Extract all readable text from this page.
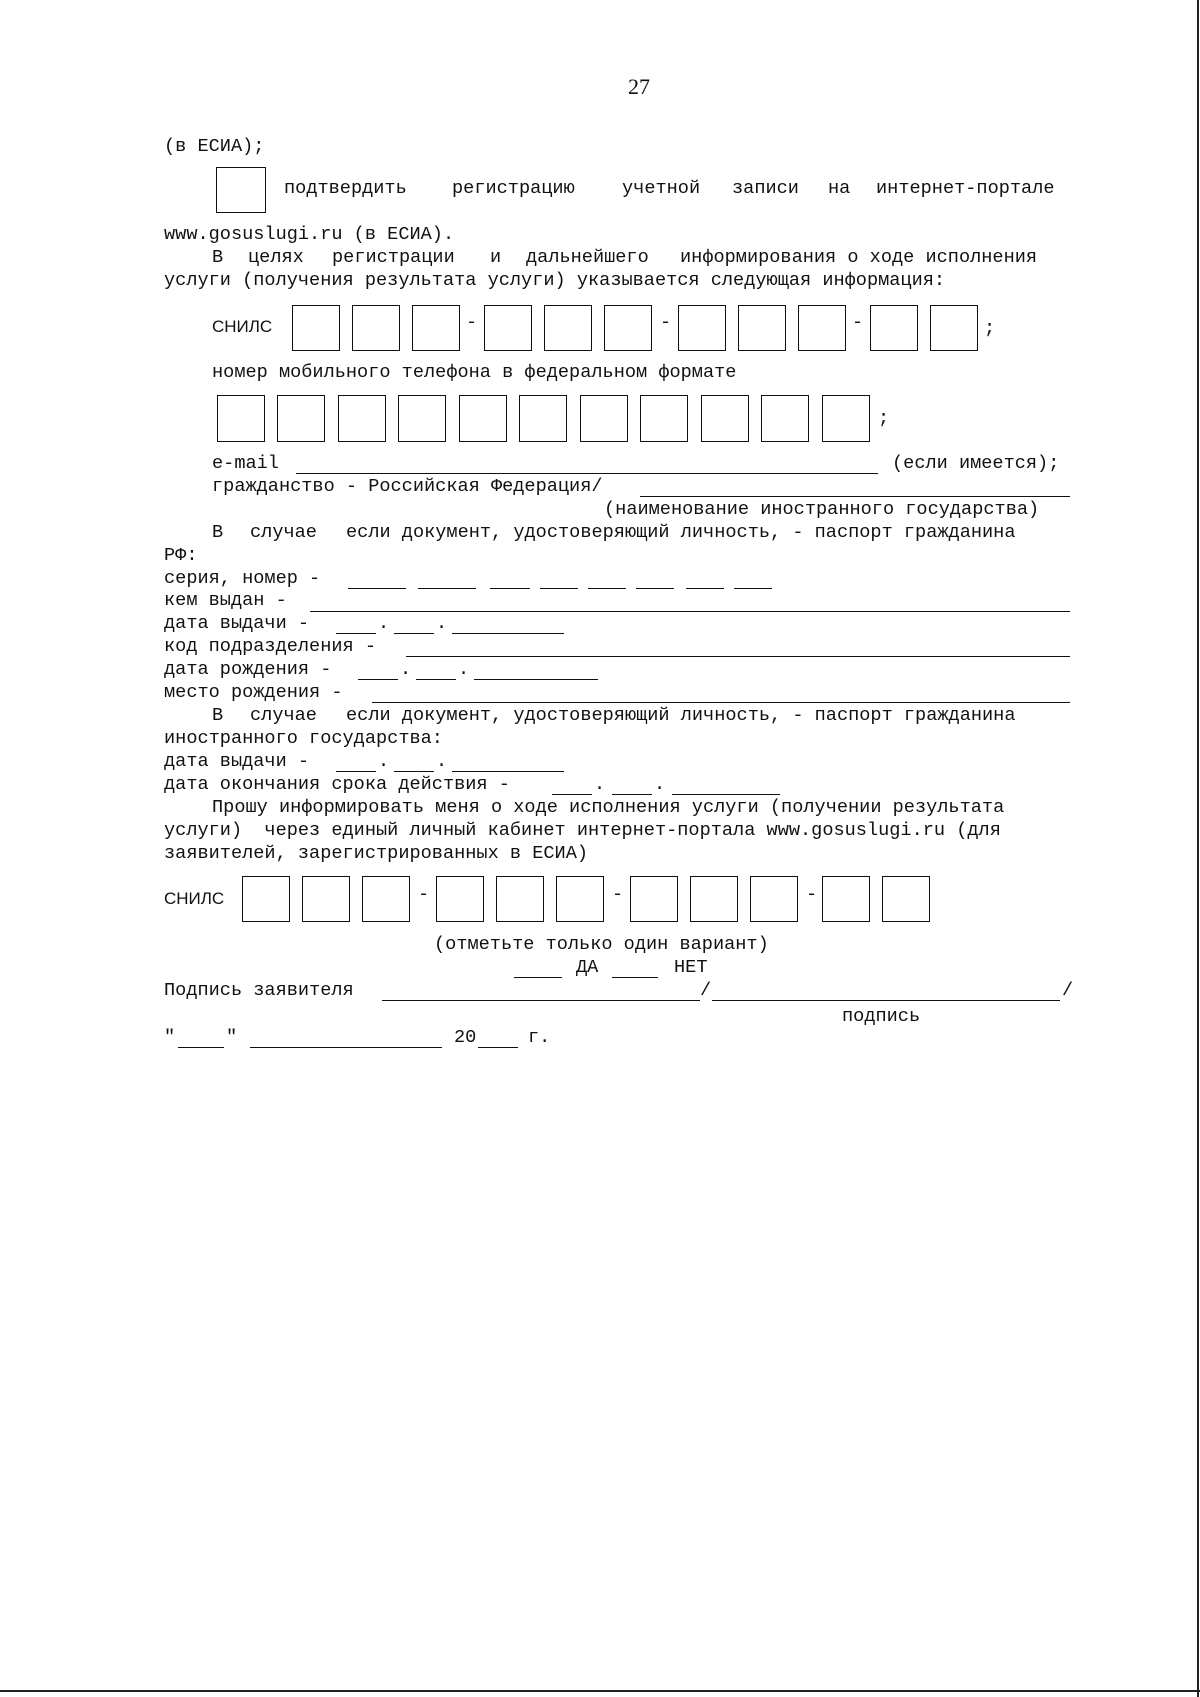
27
(в ЕСИА);
подтвердить регистрацию	учетной записи на интернет-портале
www.gosuslugi.ru (в ЕСИА).
В целях регистрации и дальнейшего информирования о ходе исполнения
услуги (получения результата услуги) указывается следующая информация:
СНИЛС	-	-	-	;
номер мобильного телефона в федеральном формате
;
e-mail	(если имеется);
гражданство - Российская Федерация/
(наименование иностранного государства)
В случае если документ, удостоверяющий личность, - паспорт гражданина
РФ:
серия, номер -
кем выдан -
дата выдачи -	.	.
код подразделения -
дата рождения -	.	.
место рождения -
В случае если документ, удостоверяющий личность, - паспорт гражданина
иностранного государства:
дата выдачи -	.	.
дата окончания срока действия -	.	.
Прошу информировать меня о ходе исполнения услуги (получении результата
услуги)  через единый личный кабинет интернет-портала www.gosuslugi.ru (для
заявителей, зарегистрированных в ЕСИА)
СНИЛС	-	-	-
(отметьте только один вариант)
ДА	НЕТ
Подпись заявителя	/	/
подпись
"	"	20	г.
